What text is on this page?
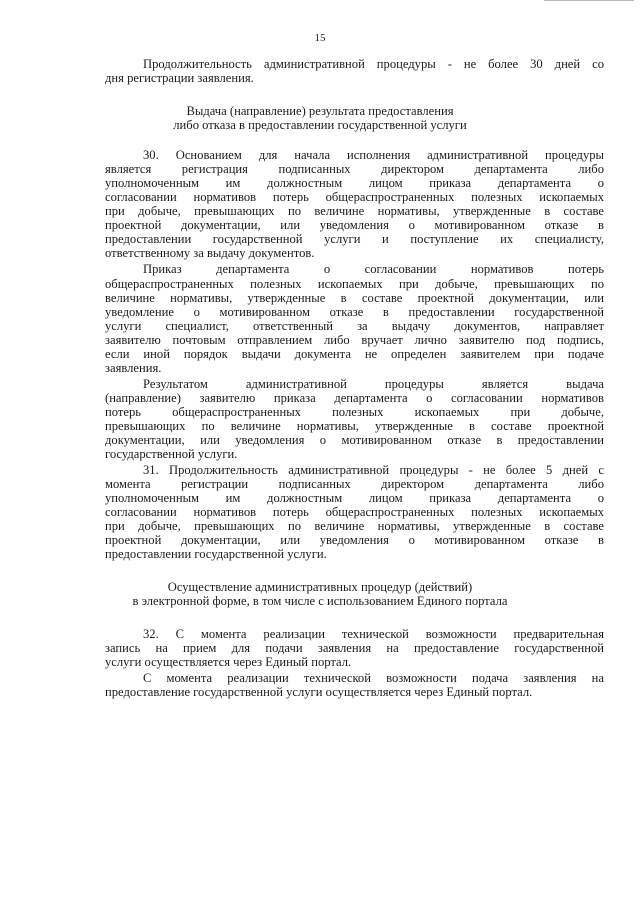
15
Продолжительность административной процедуры - не более 30 дней со
дня регистрации заявления.
Выдача (направление) результата предоставления
либо отказа в предоставлении государственной услуги
30. Основанием для начала исполнения административной процедуры
является регистрация подписанных директором департамента либо
уполномоченным им должностным лицом приказа департамента о
согласовании нормативов потерь общераспространенных полезных ископаемых
при добыче, превышающих по величине нормативы, утвержденные в составе
проектной документации, или уведомления о мотивированном отказе в
предоставлении государственной услуги и поступление их специалисту,
ответственному за выдачу документов.
Приказ департамента о согласовании нормативов потерь
общераспространенных полезных ископаемых при добыче, превышающих по
величине нормативы, утвержденные в составе проектной документации, или
уведомление о мотивированном отказе в предоставлении государственной
услуги специалист, ответственный за выдачу документов, направляет
заявителю почтовым отправлением либо вручает лично заявителю под подпись,
если иной порядок выдачи документа не определен заявителем при подаче
заявления.
Результатом административной процедуры является выдача
(направление) заявителю приказа департамента о согласовании нормативов
потерь общераспространенных полезных ископаемых при добыче,
превышающих по величине нормативы, утвержденные в составе проектной
документации, или уведомления о мотивированном отказе в предоставлении
государственной услуги.
31. Продолжительность административной процедуры - не более 5 дней с
момента регистрации подписанных директором департамента либо
уполномоченным им должностным лицом приказа департамента о
согласовании нормативов потерь общераспространенных полезных ископаемых
при добыче, превышающих по величине нормативы, утвержденные в составе
проектной документации, или уведомления о мотивированном отказе в
предоставлении государственной услуги.
Осуществление административных процедур (действий)
в электронной форме, в том числе с использованием Единого портала
32. С момента реализации технической возможности предварительная
запись на прием для подачи заявления на предоставление государственной
услуги осуществляется через Единый портал.
С момента реализации технической возможности подача заявления на
предоставление государственной услуги осуществляется через Единый портал.
